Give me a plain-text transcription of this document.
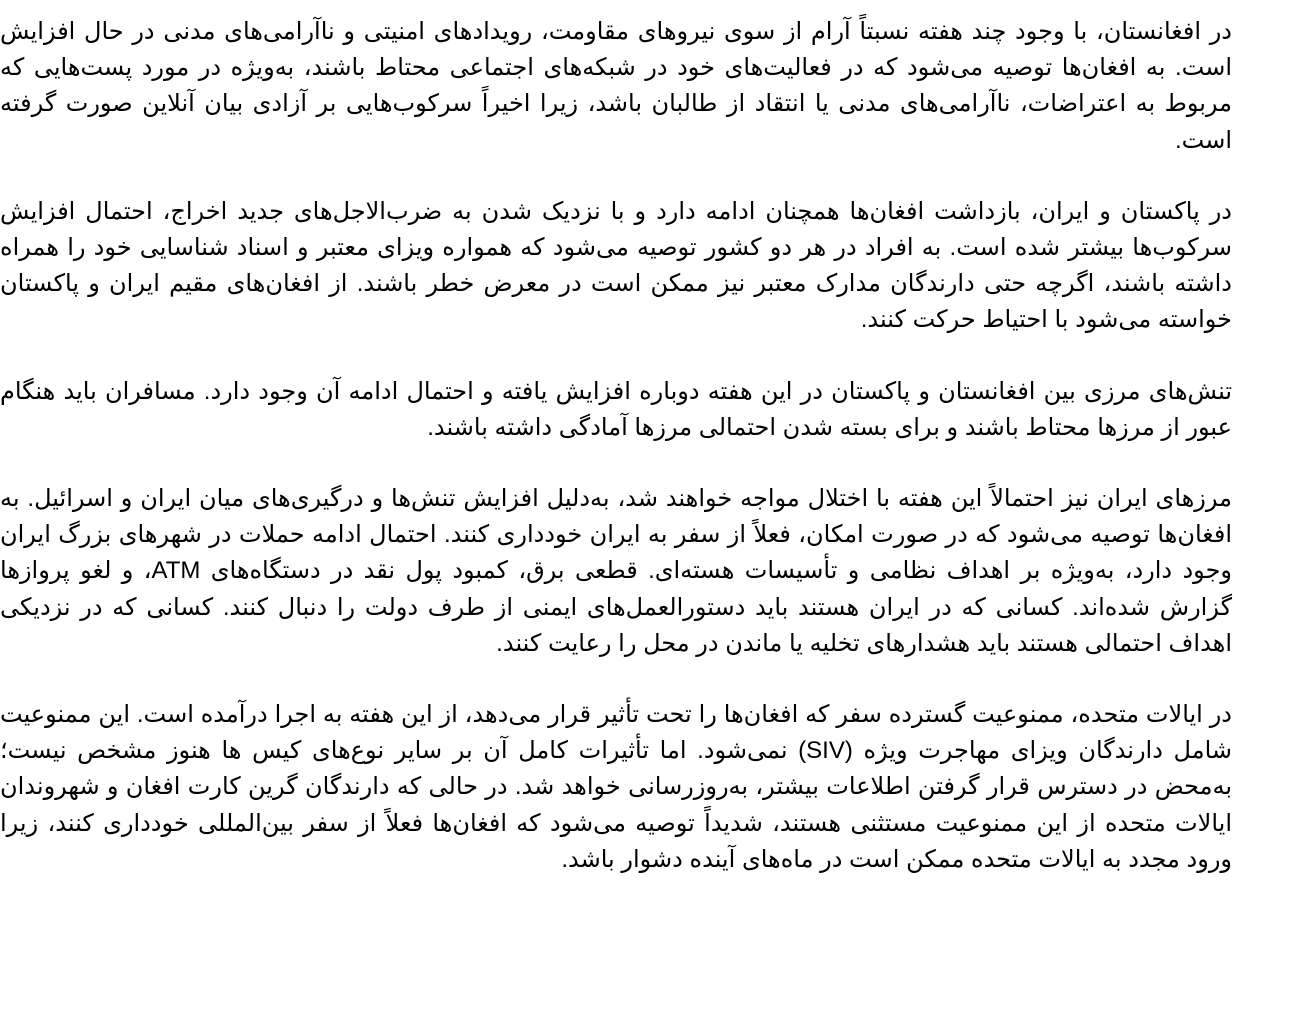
در افغانستان، با وجود چند هفته نسبتاً آرام از سوی نیروهای مقاومت، رویدادهای امنیتی و ناآرامی‌های مدنی در حال افزایش است. به افغان‌ها توصیه می‌شود که در فعالیت‌های خود در شبکه‌های اجتماعی محتاط باشند، به‌ویژه در مورد پست‌هایی که مربوط به اعتراضات، ناآرامی‌های مدنی یا انتقاد از طالبان باشد، زیرا اخیراً سرکوب‌هایی بر آزادی بیان آنلاین صورت گرفته است.

در پاکستان و ایران، بازداشت افغان‌ها همچنان ادامه دارد و با نزدیک شدن به ضرب‌الاجل‌های جدید اخراج، احتمال افزایش سرکوب‌ها بیشتر شده است. به افراد در هر دو کشور توصیه می‌شود که همواره ویزای معتبر و اسناد شناسایی خود را همراه داشته باشند، اگرچه حتی دارندگان مدارک معتبر نیز ممکن است در معرض خطر باشند. از افغان‌های مقیم ایران و پاکستان خواسته می‌شود با احتیاط حرکت کنند.

تنش‌های مرزی بین افغانستان و پاکستان در این هفته دوباره افزایش یافته و احتمال ادامه آن وجود دارد. مسافران باید هنگام عبور از مرزها محتاط باشند و برای بسته شدن احتمالی مرزها آمادگی داشته باشند.

مرزهای ایران نیز احتمالاً این هفته با اختلال مواجه خواهند شد، به‌دلیل افزایش تنش‌ها و درگیری‌های میان ایران و اسرائیل. به افغان‌ها توصیه می‌شود که در صورت امکان، فعلاً از سفر به ایران خودداری کنند. احتمال ادامه حملات در شهرهای بزرگ ایران وجود دارد، به‌ویژه بر اهداف نظامی و تأسیسات هسته‌ای. قطعی برق، کمبود پول نقد در دستگاه‌های ATM، و لغو پروازها گزارش شده‌اند. کسانی که در ایران هستند باید دستورالعمل‌های ایمنی از طرف دولت را دنبال کنند. کسانی که در نزدیکی اهداف احتمالی هستند باید هشدارهای تخلیه یا ماندن در محل را رعایت کنند.

در ایالات متحده، ممنوعیت گسترده سفر که افغان‌ها را تحت تأثیر قرار می‌دهد، از این هفته به اجرا درآمده است. این ممنوعیت شامل دارندگان ویزای مهاجرت ویژه (SIV) نمی‌شود. اما تأثیرات کامل آن بر سایر نوع‌های کیس ها هنوز مشخص نیست؛ به‌محض در دسترس قرار گرفتن اطلاعات بیشتر، به‌روزرسانی خواهد شد. در حالی که دارندگان گرین کارت افغان و شهروندان ایالات متحده از این ممنوعیت مستثنی هستند، شدیداً توصیه می‌شود که افغان‌ها فعلاً از سفر بین‌المللی خودداری کنند، زیرا ورود مجدد به ایالات متحده ممکن است در ماه‌های آینده دشوار باشد.
